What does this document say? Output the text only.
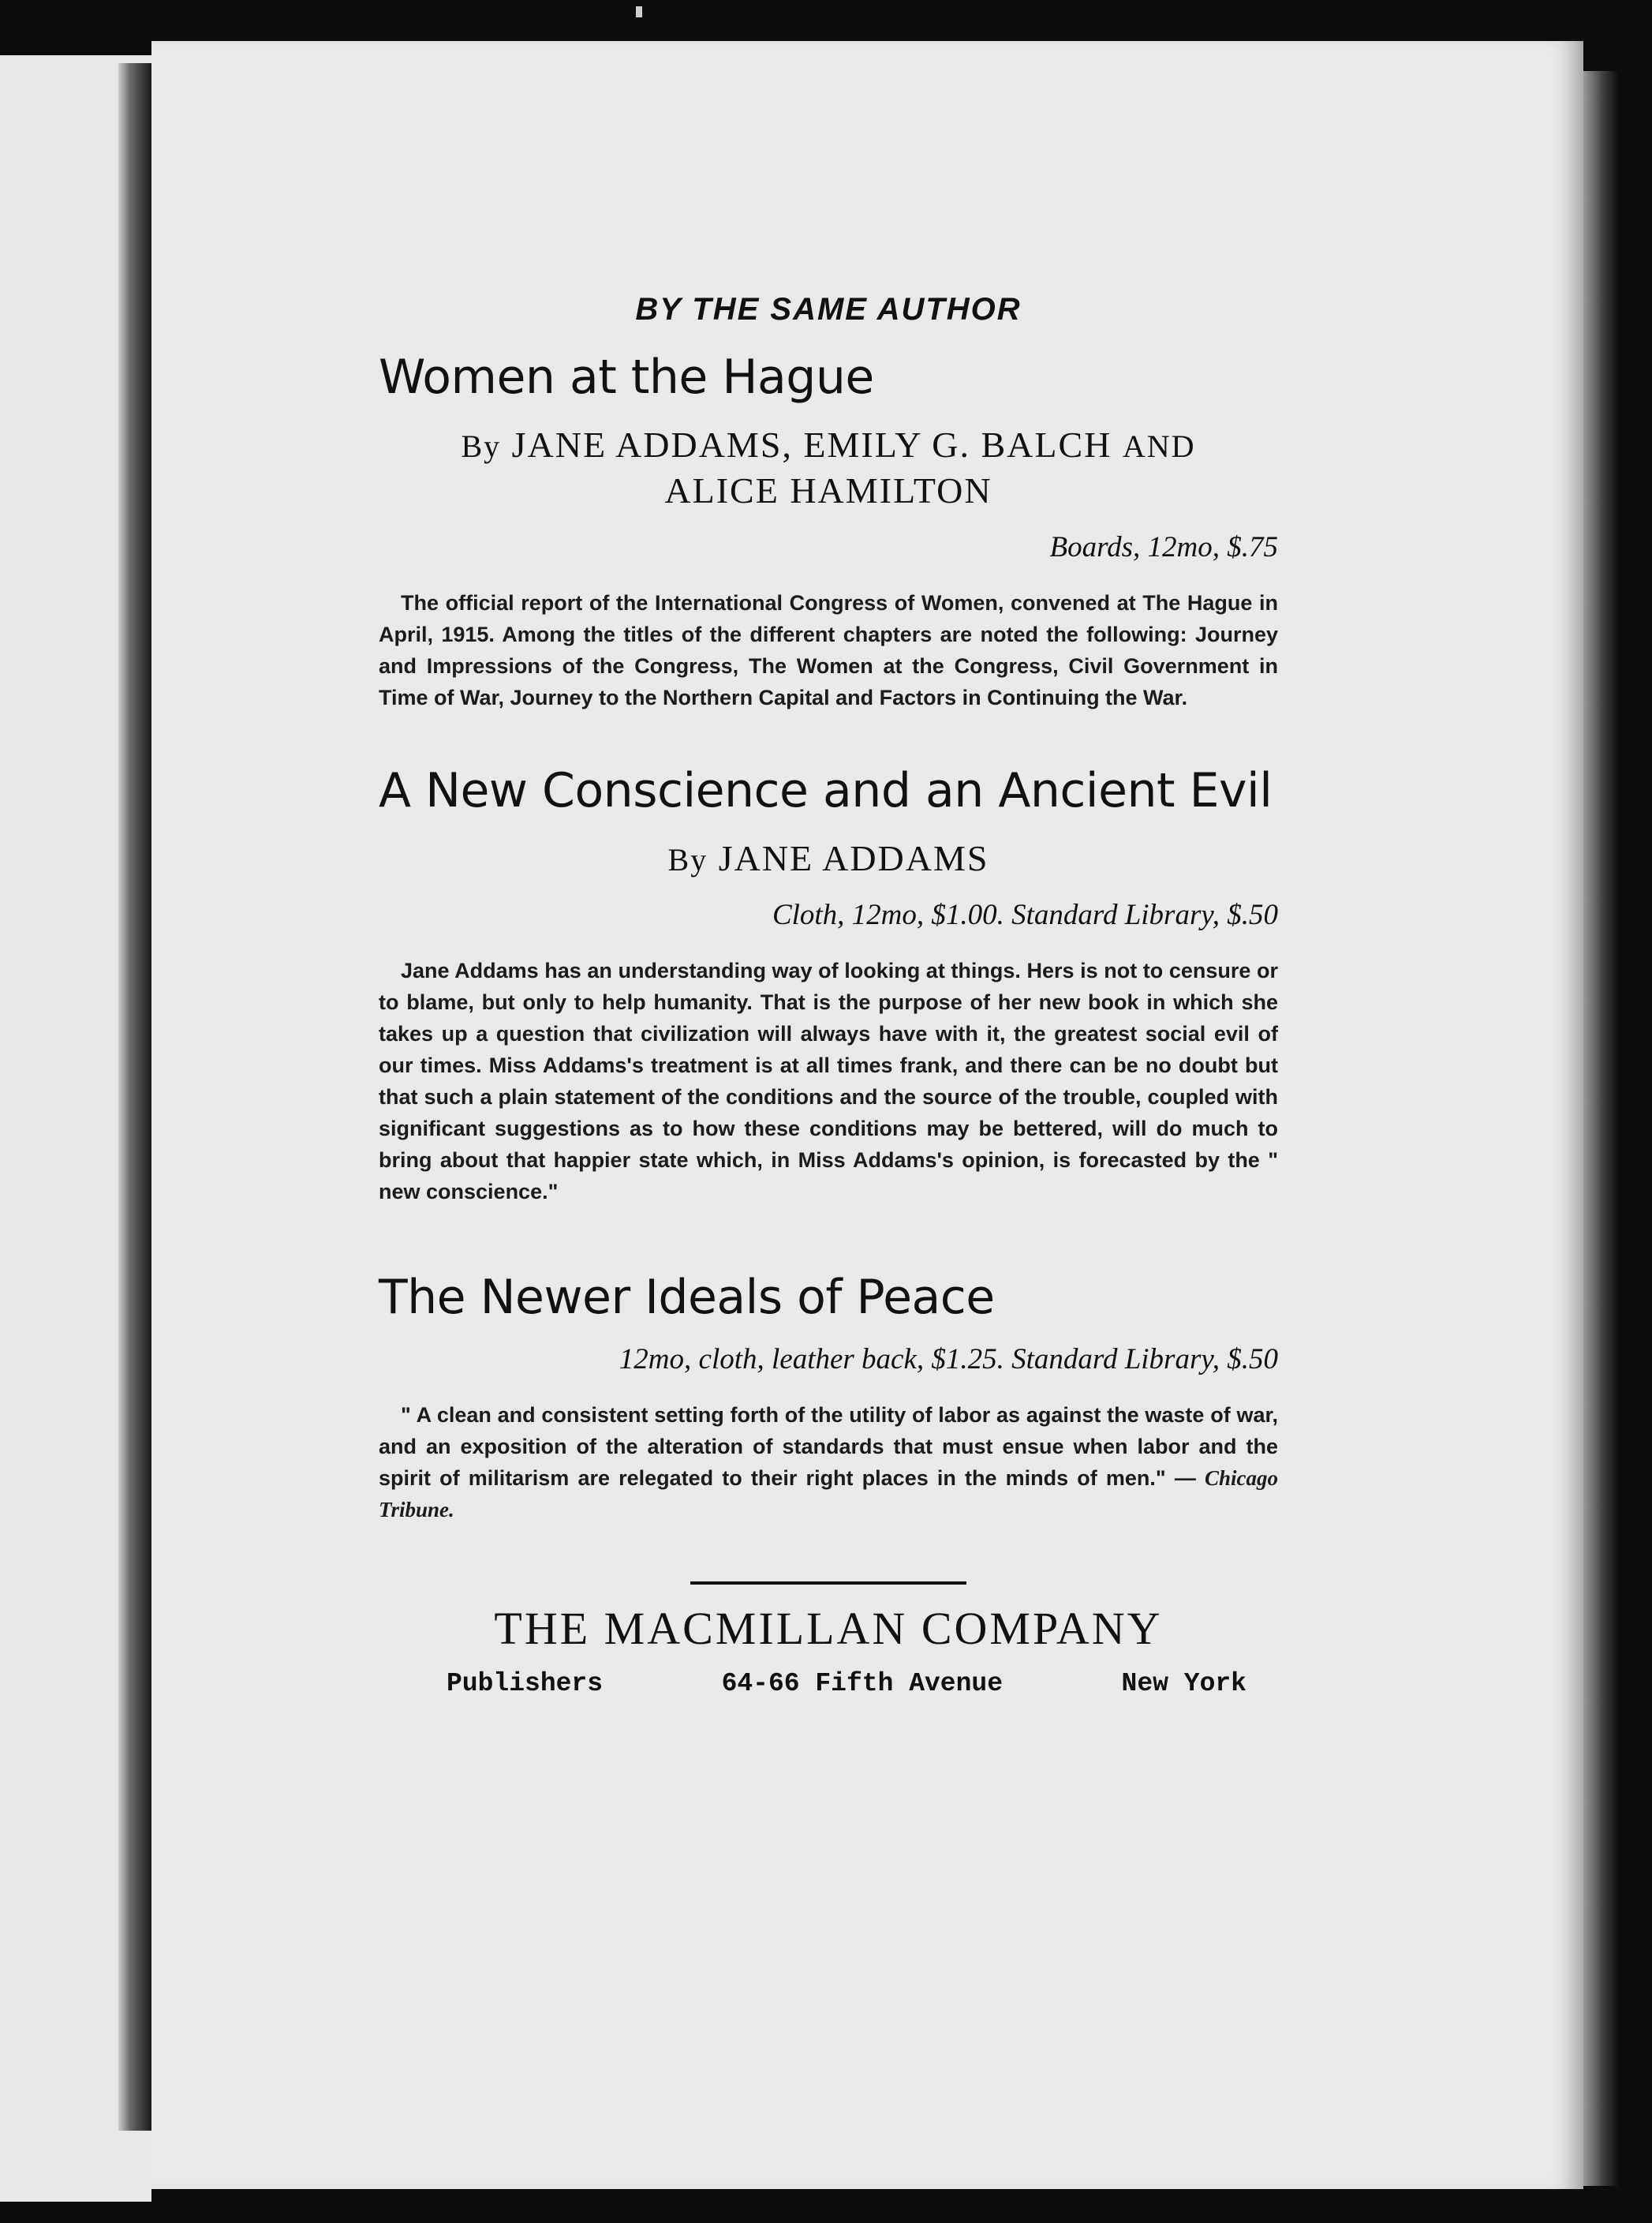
BY THE SAME AUTHOR

Women at the Hague

By JANE ADDAMS, EMILY G. BALCH AND
ALICE HAMILTON

Boards, 12mo, $.75

The official report of the International Congress of Women, convened at The Hague in April, 1915. Among the titles of the different chapters are noted the following: Journey and Impressions of the Congress, The Women at the Congress, Civil Government in Time of War, Journey to the Northern Capital and Factors in Continuing the War.

A New Conscience and an Ancient Evil

By JANE ADDAMS

Cloth, 12mo, $1.00. Standard Library, $.50

Jane Addams has an understanding way of looking at things. Hers is not to censure or to blame, but only to help humanity. That is the purpose of her new book in which she takes up a question that civilization will always have with it, the greatest social evil of our times. Miss Addams's treatment is at all times frank, and there can be no doubt but that such a plain statement of the conditions and the source of the trouble, coupled with significant suggestions as to how these conditions may be bettered, will do much to bring about that happier state which, in Miss Addams's opinion, is forecasted by the " new conscience."

The Newer Ideals of Peace

12mo, cloth, leather back, $1.25. Standard Library, $.50

" A clean and consistent setting forth of the utility of labor as against the waste of war, and an exposition of the alteration of standards that must ensue when labor and the spirit of militarism are relegated to their right places in the minds of men." — Chicago Tribune.

THE MACMILLAN COMPANY

Publishers	64-66 Fifth Avenue	New York
